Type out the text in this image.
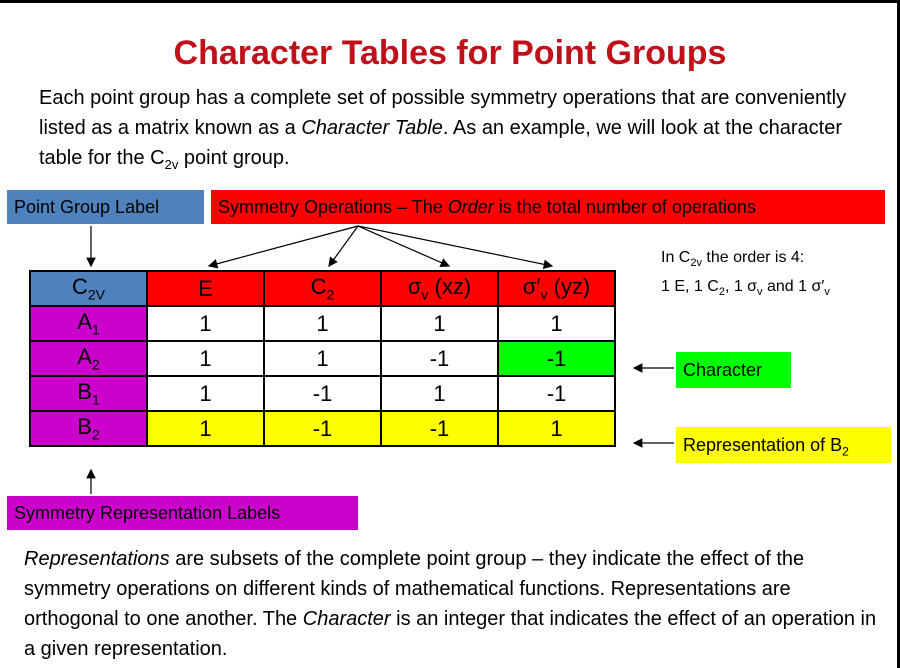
Character Tables for Point Groups
Each point group has a complete set of possible symmetry operations that are conveniently listed as a matrix known as a Character Table. As an example, we will look at the character table for the $C_{2v}$ point group.
Point Group Label	Symmetry Operations – The Order is the total number of operations
In $C_{2v}$ the order is 4:
1 E, 1 $C_2$, 1 $\sigma_v$ and 1 $\sigma'_v$
$C_{2V}$	E	$C_2$	$\sigma_v$ (xz)	$\sigma'_v$ (yz)
$A_1$	1	1	1	1
$A_2$	1	1	-1	-1
$B_1$	1	-1	1	-1
$B_2$	1	-1	-1	1
Character
Representation of $B_2$
Symmetry Representation Labels
Representations are subsets of the complete point group – they indicate the effect of the symmetry operations on different kinds of mathematical functions. Representations are orthogonal to one another. The Character is an integer that indicates the effect of an operation in a given representation.
